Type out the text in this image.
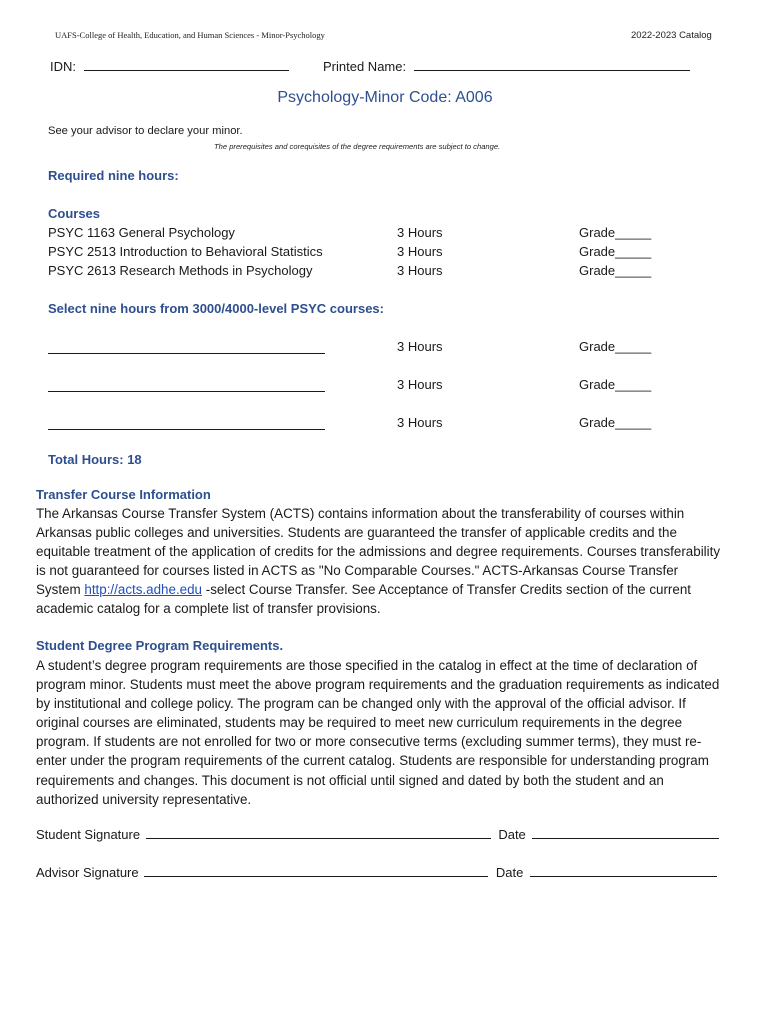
UAFS-College of Health, Education, and Human Sciences - Minor-Psychology	2022-2023 Catalog
IDN:	Printed Name:
Psychology-Minor Code: A006
See your advisor to declare your minor.
The prerequisites and corequisites of the degree requirements are subject to change.
Required nine hours:
Courses
PSYC 1163 General Psychology	3 Hours	Grade_____
PSYC 2513 Introduction to Behavioral Statistics	3 Hours	Grade_____
PSYC 2613 Research Methods in Psychology	3 Hours	Grade_____
Select nine hours from 3000/4000-level PSYC courses:
3 Hours	Grade_____
3 Hours	Grade_____
3 Hours	Grade_____
Total Hours: 18
Transfer Course Information
The Arkansas Course Transfer System (ACTS) contains information about the transferability of courses within Arkansas public colleges and universities. Students are guaranteed the transfer of applicable credits and the equitable treatment of the application of credits for the admissions and degree requirements. Courses transferability is not guaranteed for courses listed in ACTS as "No Comparable Courses." ACTS-Arkansas Course Transfer System http://acts.adhe.edu -select Course Transfer. See Acceptance of Transfer Credits section of the current academic catalog for a complete list of transfer provisions.
Student Degree Program Requirements.
A student’s degree program requirements are those specified in the catalog in effect at the time of declaration of program minor. Students must meet the above program requirements and the graduation requirements as indicated by institutional and college policy. The program can be changed only with the approval of the official advisor. If original courses are eliminated, students may be required to meet new curriculum requirements in the degree program. If students are not enrolled for two or more consecutive terms (excluding summer terms), they must re-enter under the program requirements of the current catalog. Students are responsible for understanding program requirements and changes. This document is not official until signed and dated by both the student and an authorized university representative.
Student Signature	Date
Advisor Signature	Date
